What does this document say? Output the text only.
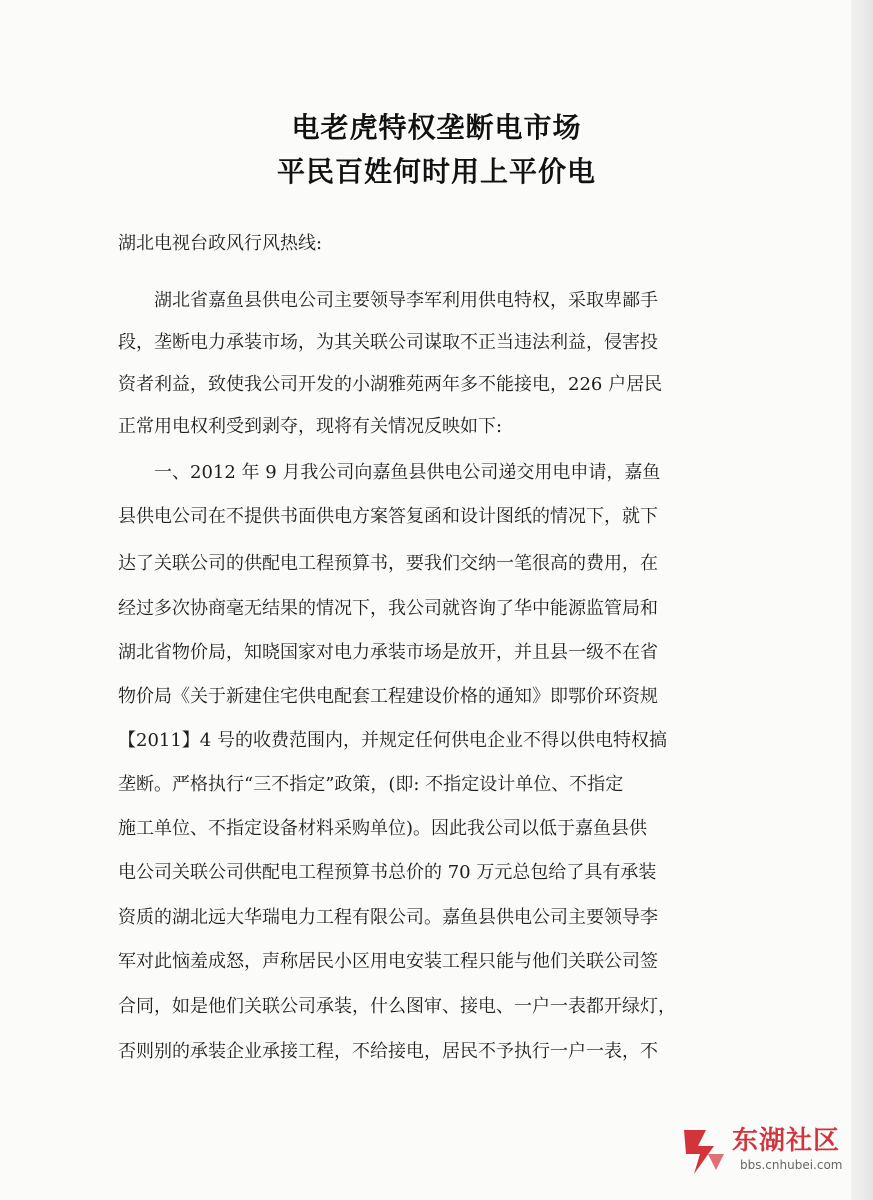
电老虎特权垄断电市场
平民百姓何时用上平价电
湖北电视台政风行风热线:
湖北省嘉鱼县供电公司主要领导李军利用供电特权，采取卑鄙手
段，垄断电力承装市场，为其关联公司谋取不正当违法利益，侵害投
资者利益，致使我公司开发的小湖雅苑两年多不能接电，226 户居民
正常用电权利受到剥夺，现将有关情况反映如下:
一、2012 年 9 月我公司向嘉鱼县供电公司递交用电申请，嘉鱼
县供电公司在不提供书面供电方案答复函和设计图纸的情况下，就下
达了关联公司的供配电工程预算书，要我们交纳一笔很高的费用，在
经过多次协商毫无结果的情况下，我公司就咨询了华中能源监管局和
湖北省物价局，知晓国家对电力承装市场是放开，并且县一级不在省
物价局《关于新建住宅供电配套工程建设价格的通知》即鄂价环资规
【2011】4 号的收费范围内，并规定任何供电企业不得以供电特权搞
垄断。严格执行“三不指定”政策，(即: 不指定设计单位、不指定
施工单位、不指定设备材料采购单位)。因此我公司以低于嘉鱼县供
电公司关联公司供配电工程预算书总价的 70 万元总包给了具有承装
资质的湖北远大华瑞电力工程有限公司。嘉鱼县供电公司主要领导李
军对此恼羞成怒，声称居民小区用电安装工程只能与他们关联公司签
合同，如是他们关联公司承装，什么图审、接电、一户一表都开绿灯，
否则别的承装企业承接工程，不给接电，居民不予执行一户一表，不
东湖社区
bbs.cnhubei.com
